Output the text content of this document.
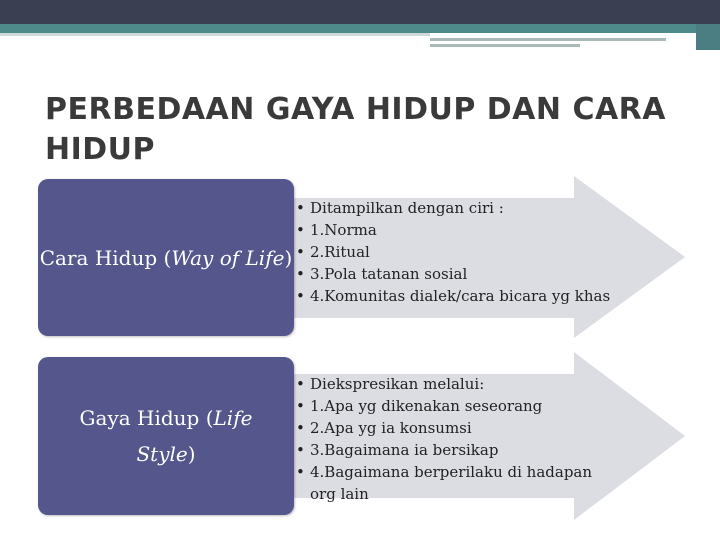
PERBEDAAN GAYA HIDUP DAN CARA HIDUP
Cara Hidup (Way of Life)
• Ditampilkan dengan ciri :
• 1.Norma
• 2.Ritual
• 3.Pola tatanan sosial
• 4.Komunitas dialek/cara bicara yg khas
Gaya Hidup (Life Style)
• Diekspresikan melalui:
• 1.Apa yg dikenakan seseorang
• 2.Apa yg ia konsumsi
• 3.Bagaimana ia bersikap
• 4.Bagaimana berperilaku di hadapan org lain
